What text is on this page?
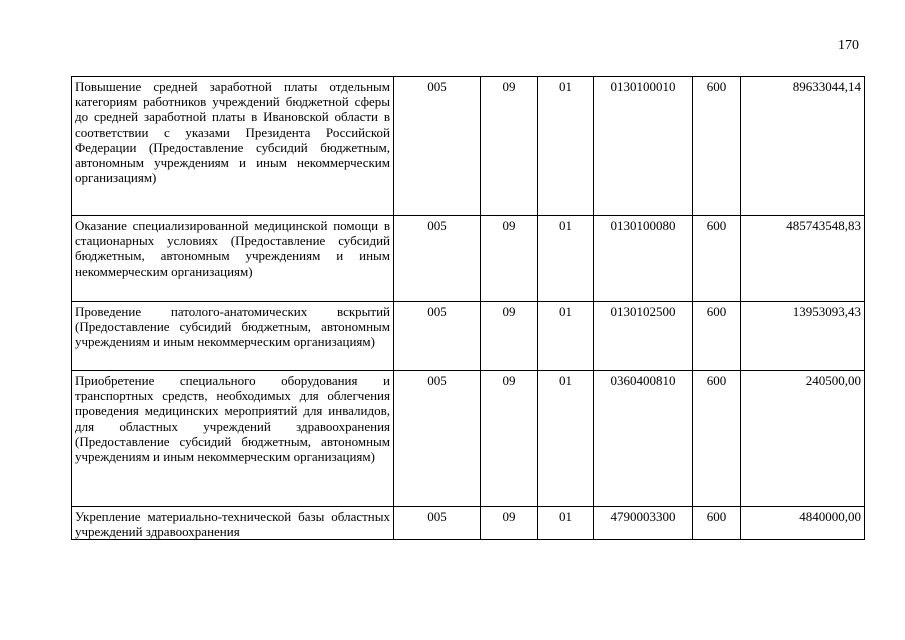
170
Повышение средней заработной платы отдельным категориям работников учреждений бюджетной сферы до средней заработной платы в Ивановской области в соответствии с указами Президента Российской Федерации (Предоставление субсидий бюджетным, автономным учреждениям и иным некоммерческим организациям)	005	09	01	0130100010	600	89633044,14
Оказание специализированной медицинской помощи в стационарных условиях (Предоставление субсидий бюджетным, автономным учреждениям и иным некоммерческим организациям)	005	09	01	0130100080	600	485743548,83
Проведение патолого-анатомических вскрытий (Предоставление субсидий бюджетным, автономным учреждениям и иным некоммерческим организациям)	005	09	01	0130102500	600	13953093,43
Приобретение специального оборудования и транспортных средств, необходимых для облегчения проведения медицинских мероприятий для инвалидов, для областных учреждений здравоохранения (Предоставление субсидий бюджетным, автономным учреждениям и иным некоммерческим организациям)	005	09	01	0360400810	600	240500,00
Укрепление материально-технической базы областных учреждений здравоохранения	005	09	01	4790003300	600	4840000,00
